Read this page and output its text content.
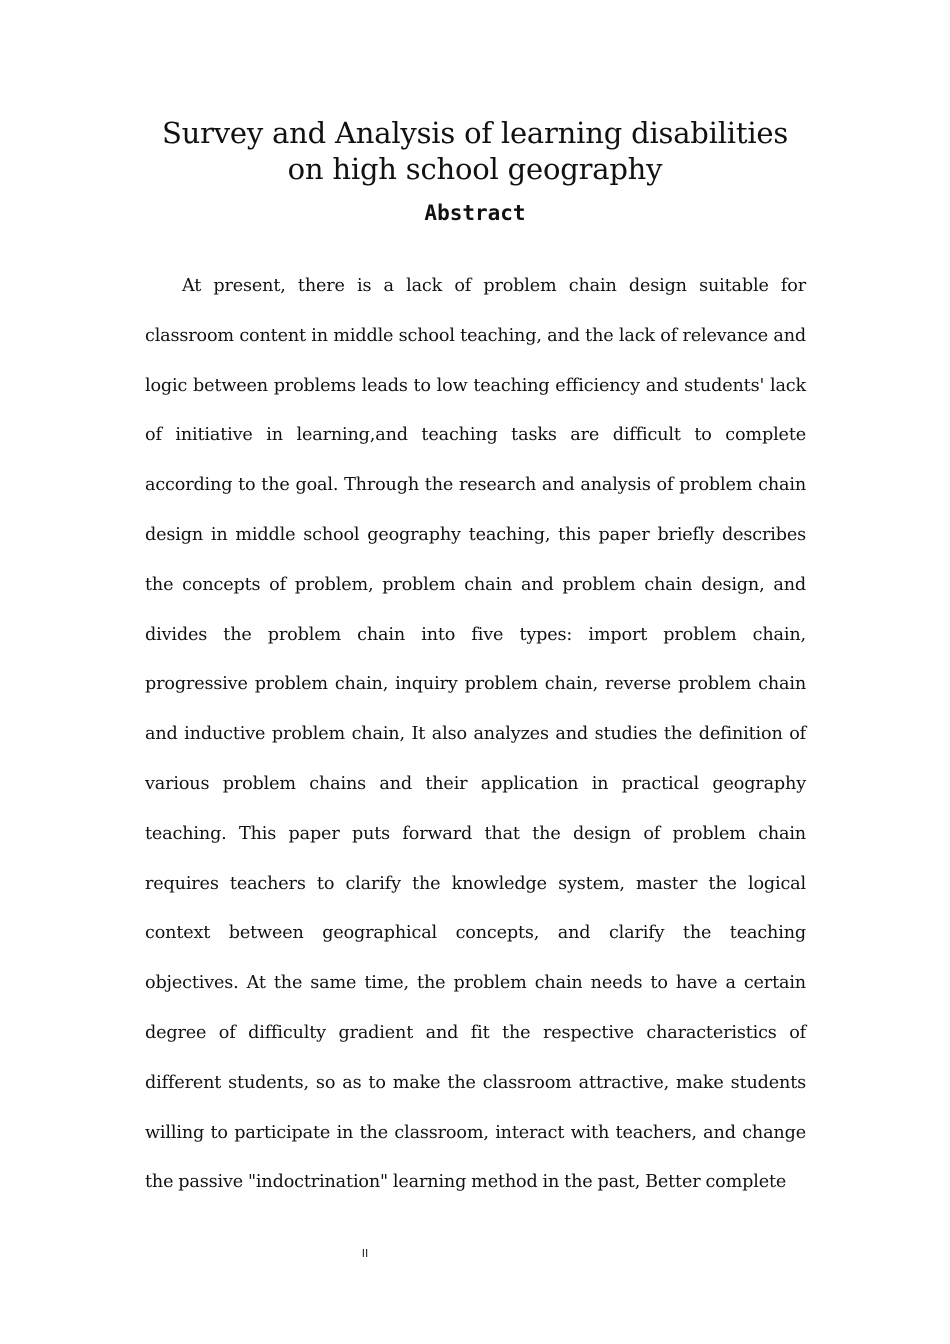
Survey and Analysis of learning disabilities on high school geography
Abstract

At present, there is a lack of problem chain design suitable for classroom content in middle school teaching, and the lack of relevance and logic between problems leads to low teaching efficiency and students' lack of initiative in learning,and teaching tasks are difficult to complete according to the goal. Through the research and analysis of problem chain design in middle school geography teaching, this paper briefly describes the concepts of problem, problem chain and problem chain design, and divides the problem chain into five types: import problem chain, progressive problem chain, inquiry problem chain, reverse problem chain and inductive problem chain, It also analyzes and studies the definition of various problem chains and their application in practical geography teaching. This paper puts forward that the design of problem chain requires teachers to clarify the knowledge system, master the logical context between geographical concepts, and clarify the teaching objectives. At the same time, the problem chain needs to have a certain degree of difficulty gradient and fit the respective characteristics of different students, so as to make the classroom attractive, make students willing to participate in the classroom, interact with teachers, and change the passive "indoctrination" learning method in the past, Better complete

II
